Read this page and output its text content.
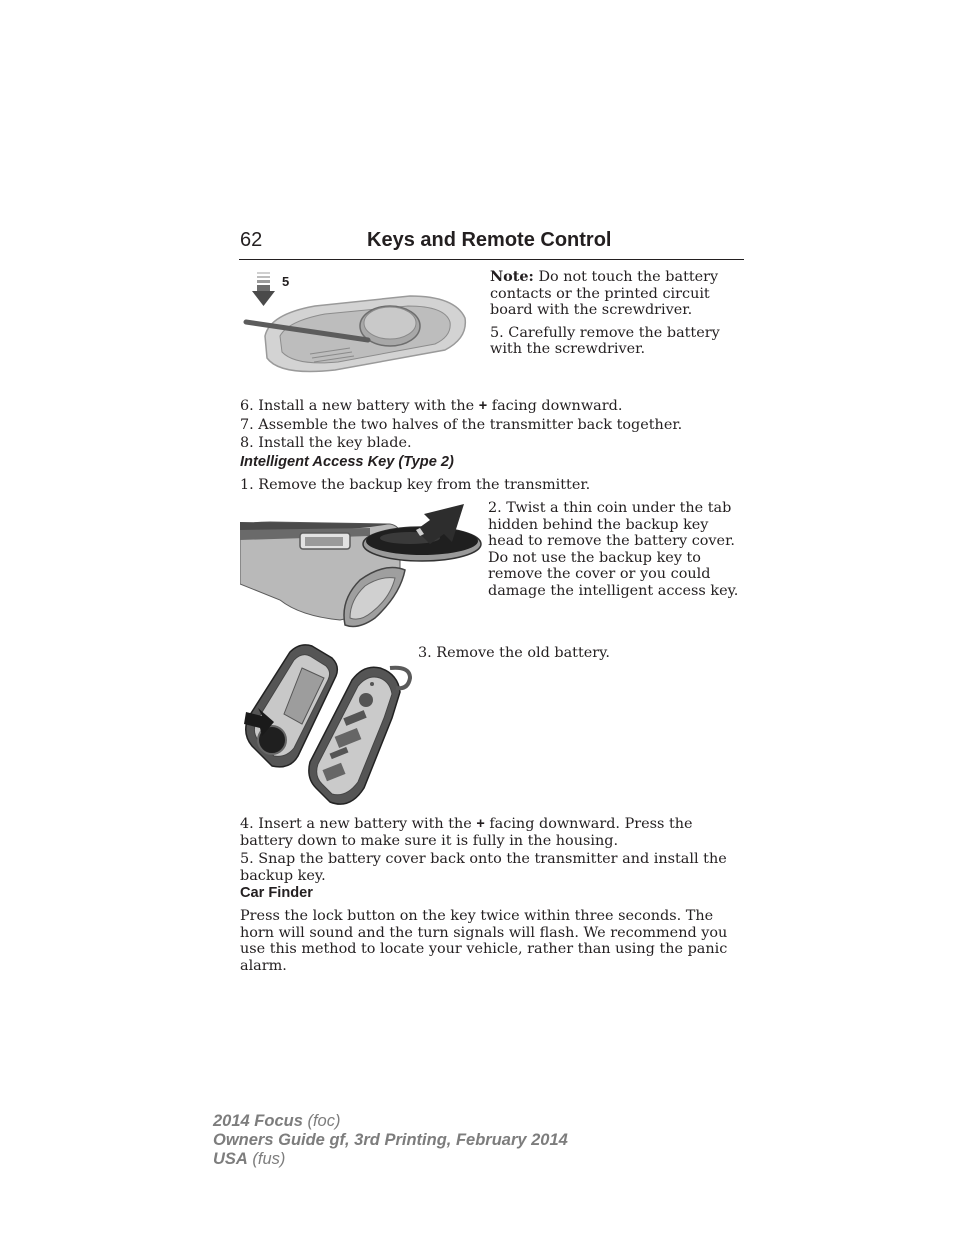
62	Keys and Remote Control
5	Note: Do not touch the battery contacts or the printed circuit board with the screwdriver.

5. Carefully remove the battery with the screwdriver.

6. Install a new battery with the + facing downward.
7. Assemble the two halves of the transmitter back together.
8. Install the key blade.
Intelligent Access Key (Type 2)
1. Remove the backup key from the transmitter.
2. Twist a thin coin under the tab hidden behind the backup key head to remove the battery cover. Do not use the backup key to remove the cover or you could damage the intelligent access key.
3. Remove the old battery.
4. Insert a new battery with the + facing downward. Press the battery down to make sure it is fully in the housing.
5. Snap the battery cover back onto the transmitter and install the backup key.
Car Finder
Press the lock button on the key twice within three seconds. The horn will sound and the turn signals will flash. We recommend you use this method to locate your vehicle, rather than using the panic alarm.
2014 Focus (foc)
Owners Guide gf, 3rd Printing, February 2014
USA (fus)
